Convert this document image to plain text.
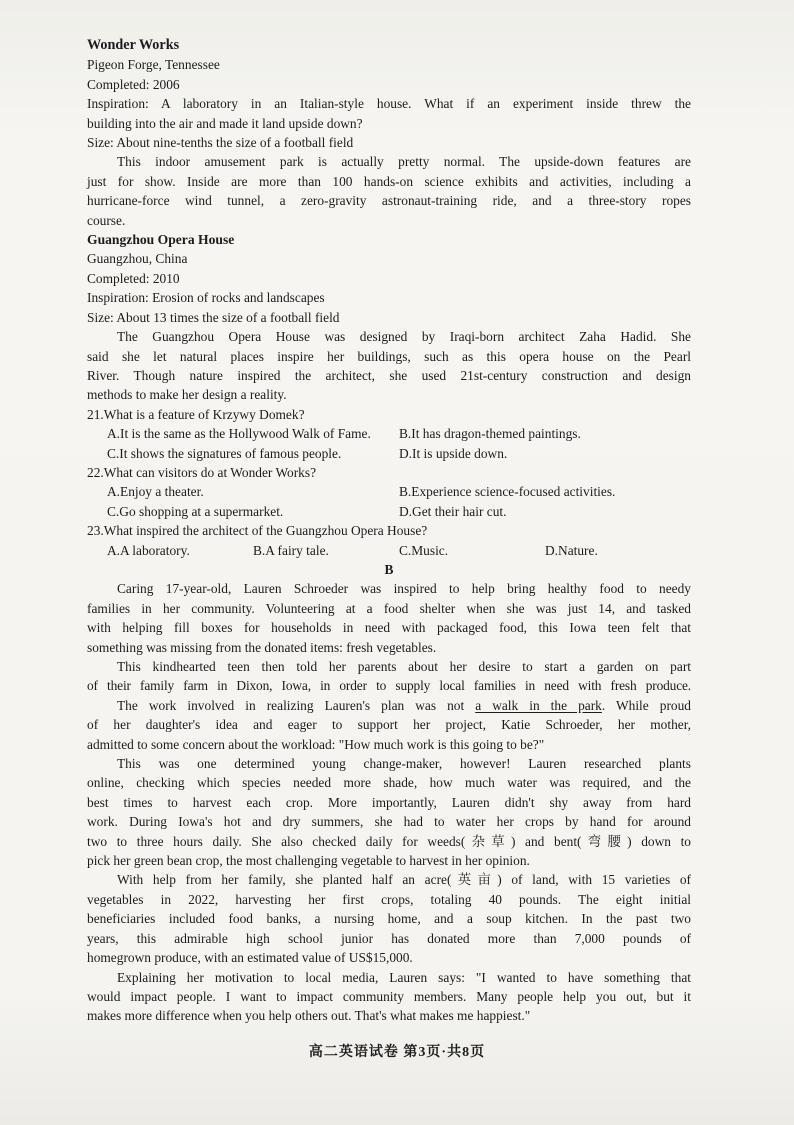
Wonder Works
Pigeon Forge, Tennessee
Completed: 2006
Inspiration: A laboratory in an Italian-style house. What if an experiment inside threw the
building into the air and made it land upside down?
Size: About nine-tenths the size of a football field
This indoor amusement park is actually pretty normal. The upside-down features are
just for show. Inside are more than 100 hands-on science exhibits and activities, including a
hurricane-force wind tunnel, a zero-gravity astronaut-training ride, and a three-story ropes
course.
Guangzhou Opera House
Guangzhou, China
Completed: 2010
Inspiration: Erosion of rocks and landscapes
Size: About 13 times the size of a football field
The Guangzhou Opera House was designed by Iraqi-born architect Zaha Hadid. She
said she let natural places inspire her buildings, such as this opera house on the Pearl
River. Though nature inspired the architect, she used 21st-century construction and design
methods to make her design a reality.
21.What is a feature of Krzywy Domek?
A.It is the same as the Hollywood Walk of Fame.	B.It has dragon-themed paintings.
C.It shows the signatures of famous people.	D.It is upside down.
22.What can visitors do at Wonder Works?
A.Enjoy a theater.	B.Experience science-focused activities.
C.Go shopping at a supermarket.	D.Get their hair cut.
23.What inspired the architect of the Guangzhou Opera House?
A.A laboratory.	B.A fairy tale.	C.Music.	D.Nature.
B
Caring 17-year-old, Lauren Schroeder was inspired to help bring healthy food to needy
families in her community. Volunteering at a food shelter when she was just 14, and tasked
with helping fill boxes for households in need with packaged food, this Iowa teen felt that
something was missing from the donated items: fresh vegetables.
This kindhearted teen then told her parents about her desire to start a garden on part
of their family farm in Dixon, Iowa, in order to supply local families in need with fresh produce.
The work involved in realizing Lauren's plan was not a walk in the park. While proud
of her daughter's idea and eager to support her project, Katie Schroeder, her mother,
admitted to some concern about the workload: "How much work is this going to be?"
This was one determined young change-maker, however! Lauren researched plants
online, checking which species needed more shade, how much water was required, and the
best times to harvest each crop. More importantly, Lauren didn't shy away from hard
work. During Iowa's hot and dry summers, she had to water her crops by hand for around
two to three hours daily. She also checked daily for weeds(杂草) and bent(弯腰) down to
pick her green bean crop, the most challenging vegetable to harvest in her opinion.
With help from her family, she planted half an acre(英亩) of land, with 15 varieties of
vegetables in 2022, harvesting her first crops, totaling 40 pounds. The eight initial
beneficiaries included food banks, a nursing home, and a soup kitchen. In the past two
years, this admirable high school junior has donated more than 7,000 pounds of
homegrown produce, with an estimated value of US$15,000.
Explaining her motivation to local media, Lauren says: "I wanted to have something that
would impact people. I want to impact community members. Many people help you out, but it
makes more difference when you help others out. That's what makes me happiest."
高二英语试卷 第3页·共8页
